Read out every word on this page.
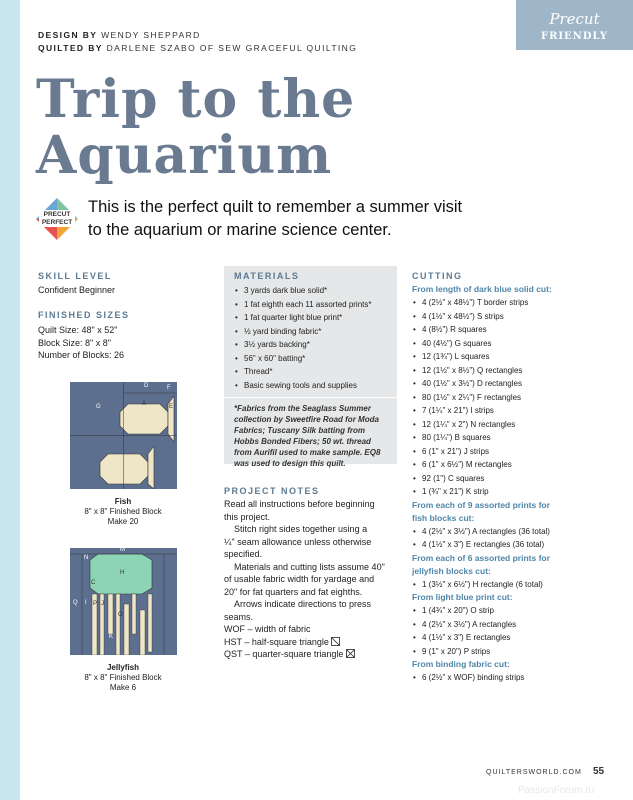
DESIGN BY WENDY SHEPPARD
QUILTED BY DARLENE SZABO OF SEW GRACEFUL QUILTING
Precut
FRIENDLY
Trip to the
Aquarium
PRECUT
PERFECT
This is the perfect quilt to remember a summer visit
to the aquarium or marine science center.
SKILL LEVEL
Confident Beginner
FINISHED SIZES
Quilt Size: 48" x 52"
Block Size: 8" x 8"
Number of Blocks: 26
G
D	F
A	E
Fish
8" x 8" Finished Block
Make 20
M
N
H
C
Q I P J
O
K
Jellyfish
8" x 8" Finished Block
Make 6
MATERIALS
• 3 yards dark blue solid*
• 1 fat eighth each 11 assorted prints*
• 1 fat quarter light blue print*
• ½ yard binding fabric*
• 3½ yards backing*
• 56" x 60" batting*
• Thread*
• Basic sewing tools and supplies
*Fabrics from the Seaglass Summer
collection by Sweetfire Road for Moda
Fabrics; Tuscany Silk batting from
Hobbs Bonded Fibers; 50 wt. thread
from Aurifil used to make sample. EQ8
was used to design this quilt.
PROJECT NOTES
Read all instructions before beginning
this project.
Stitch right sides together using a
¼" seam allowance unless otherwise
specified.
Materials and cutting lists assume 40"
of usable fabric width for yardage and
20" for fat quarters and fat eighths.
Arrows indicate directions to press
seams.
WOF – width of fabric
HST – half-square triangle
QST – quarter-square triangle
CUTTING
From length of dark blue solid cut:
• 4 (2½" x 48½") T border strips
• 4 (1½" x 48½") S strips
• 4 (8½") R squares
• 40 (4½") G squares
• 12 (1¾") L squares
• 12 (1½" x 8½") Q rectangles
• 40 (1½" x 3½") D rectangles
• 80 (1½" x 2¼") F rectangles
• 7 (1¼" x 21") I strips
• 12 (1¼" x 2") N rectangles
• 80 (1¼") B squares
• 6 (1" x 21") J strips
• 6 (1" x 6½") M rectangles
• 92 (1") C squares
• 1 (¾" x 21") K strip
From each of 9 assorted prints for
fish blocks cut:
• 4 (2½" x 3½") A rectangles (36 total)
• 4 (1½" x 3") E rectangles (36 total)
From each of 6 assorted prints for
jellyfish blocks cut:
• 1 (3½" x 6½") H rectangle (6 total)
From light blue print cut:
• 1 (4¾" x 20") O strip
• 4 (2½" x 3½") A rectangles
• 4 (1½" x 3") E rectangles
• 9 (1" x 20") P strips
From binding fabric cut:
• 6 (2½" x WOF) binding strips
QUILTERSWORLD.COM 55
PassionForum.ru
